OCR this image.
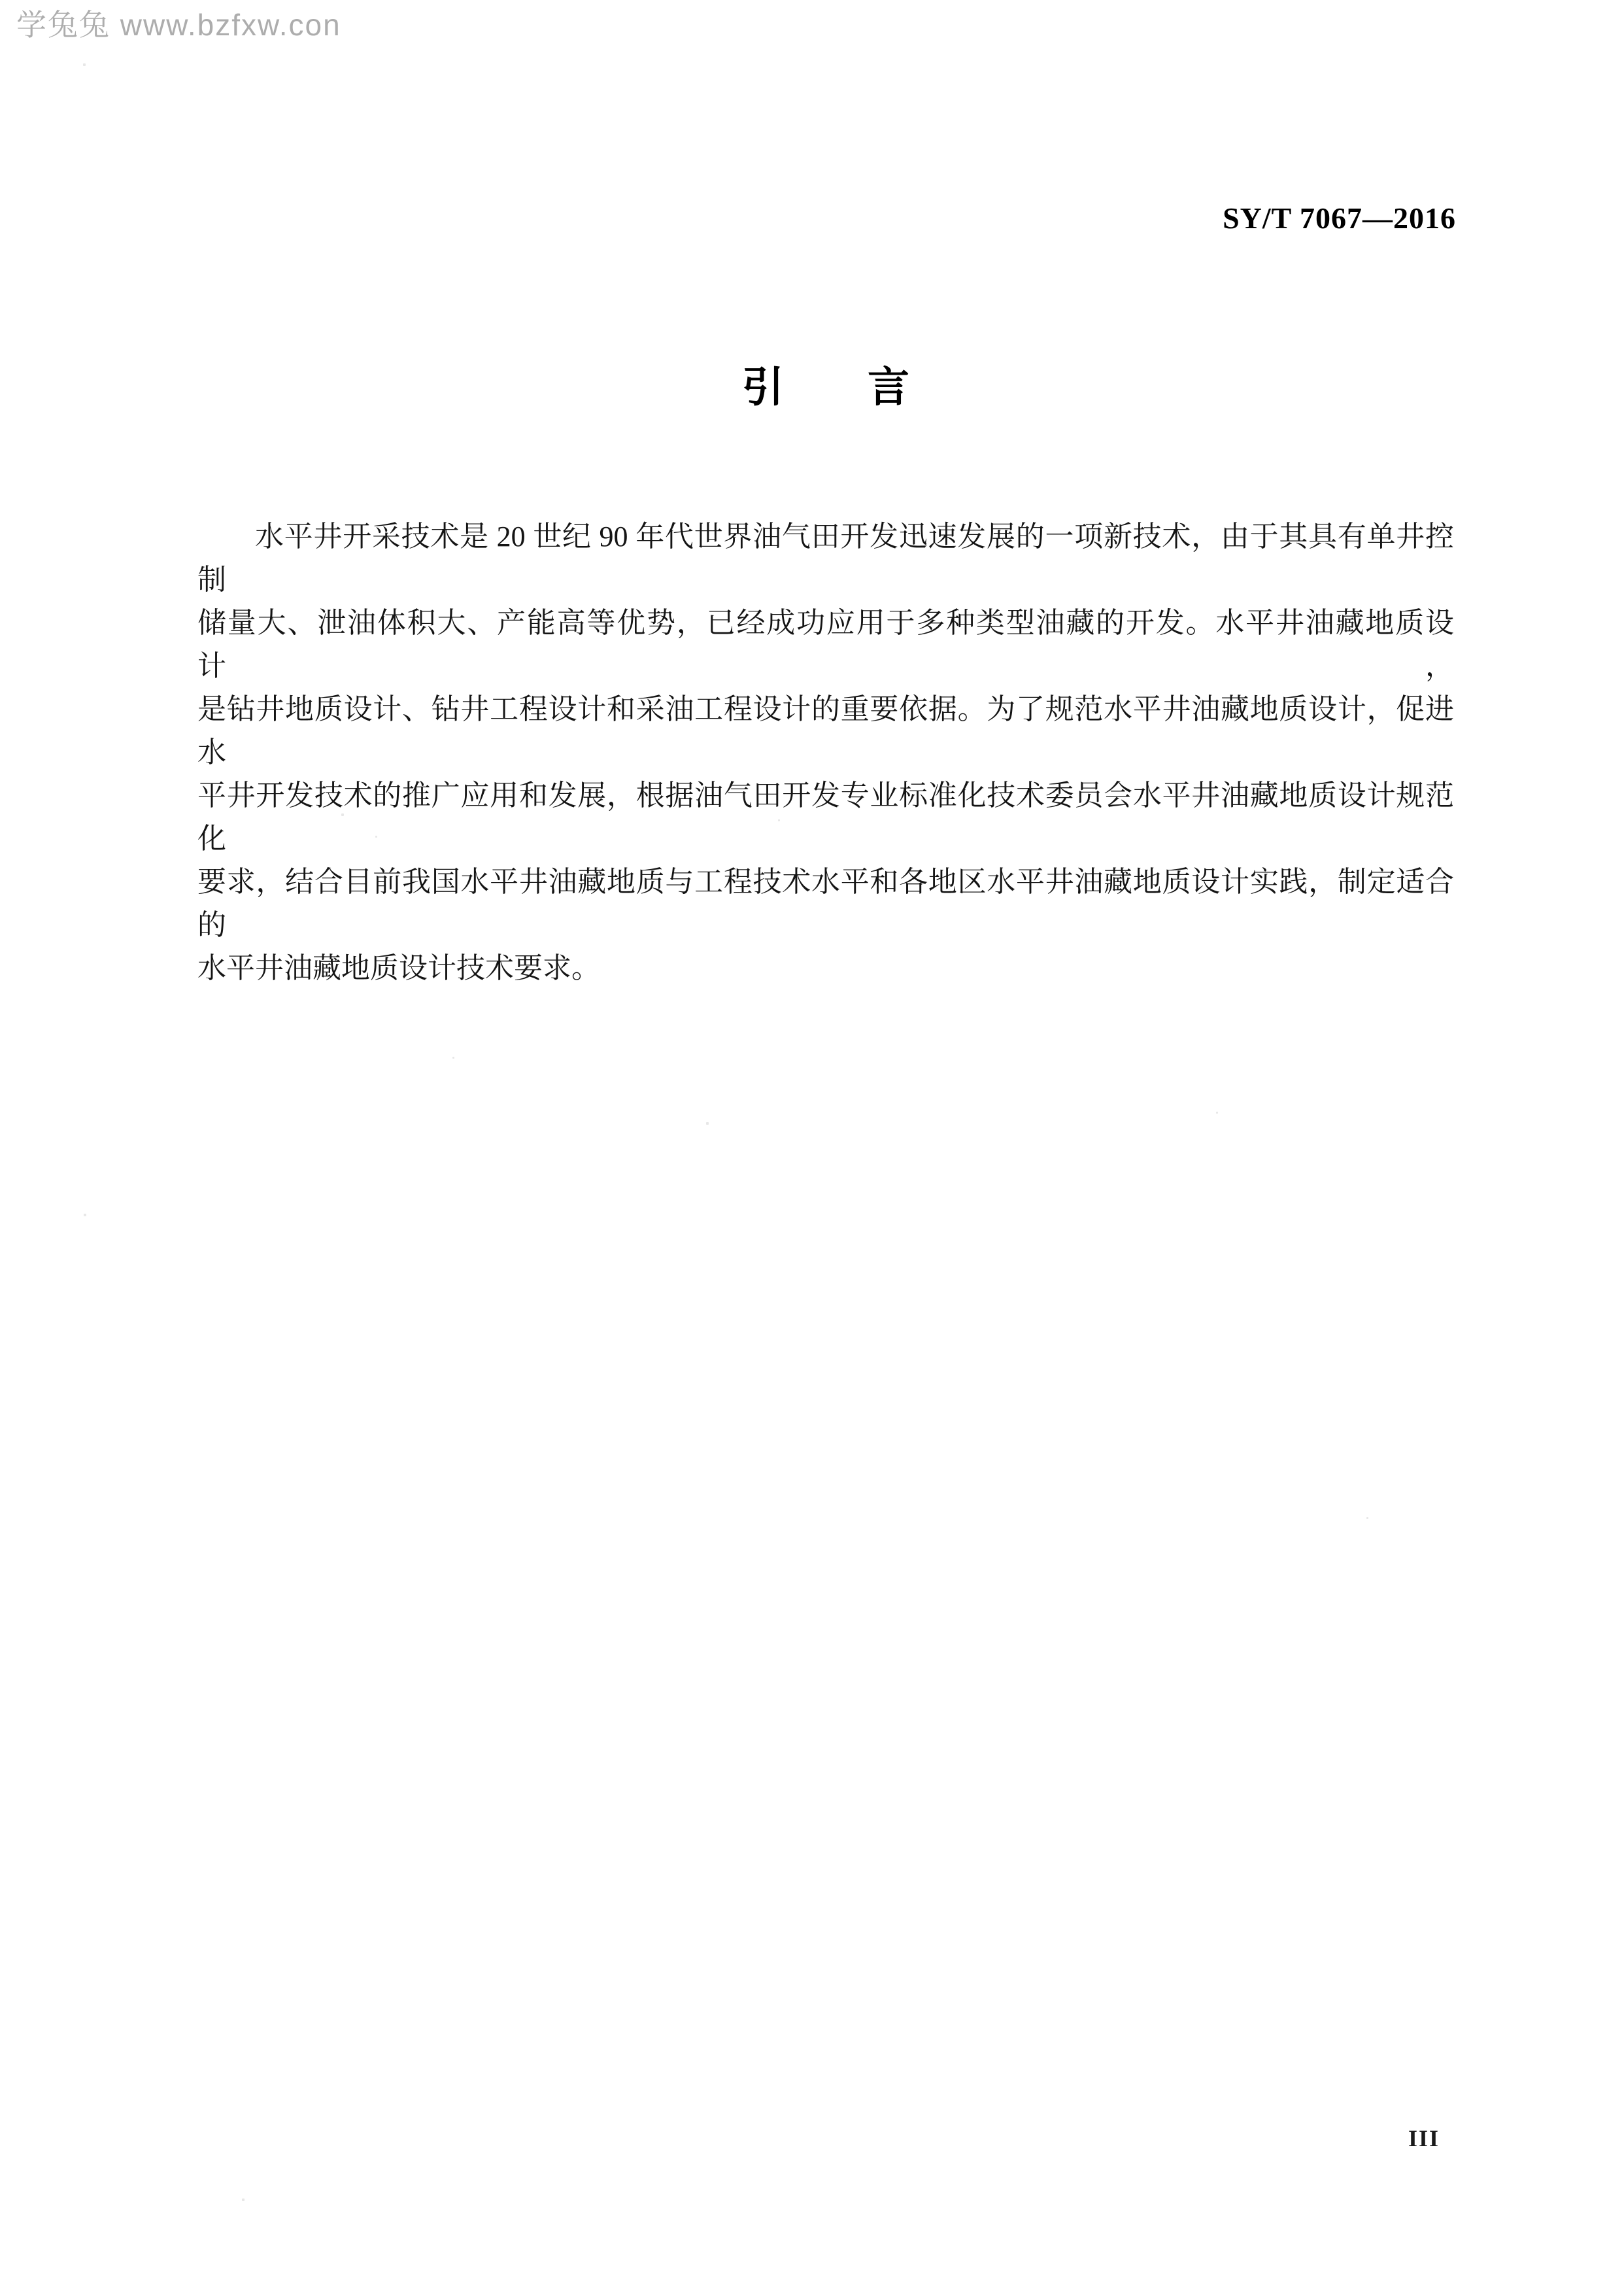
学兔兔 www.bzfxw.con
SY/T 7067—2016
引　　言
水平井开采技术是 20 世纪 90 年代世界油气田开发迅速发展的一项新技术，由于其具有单井控制
储量大、泄油体积大、产能高等优势，已经成功应用于多种类型油藏的开发。水平井油藏地质设计，
是钻井地质设计、钻井工程设计和采油工程设计的重要依据。为了规范水平井油藏地质设计，促进水
平井开发技术的推广应用和发展，根据油气田开发专业标准化技术委员会水平井油藏地质设计规范化
要求，结合目前我国水平井油藏地质与工程技术水平和各地区水平井油藏地质设计实践，制定适合的
水平井油藏地质设计技术要求。
III
